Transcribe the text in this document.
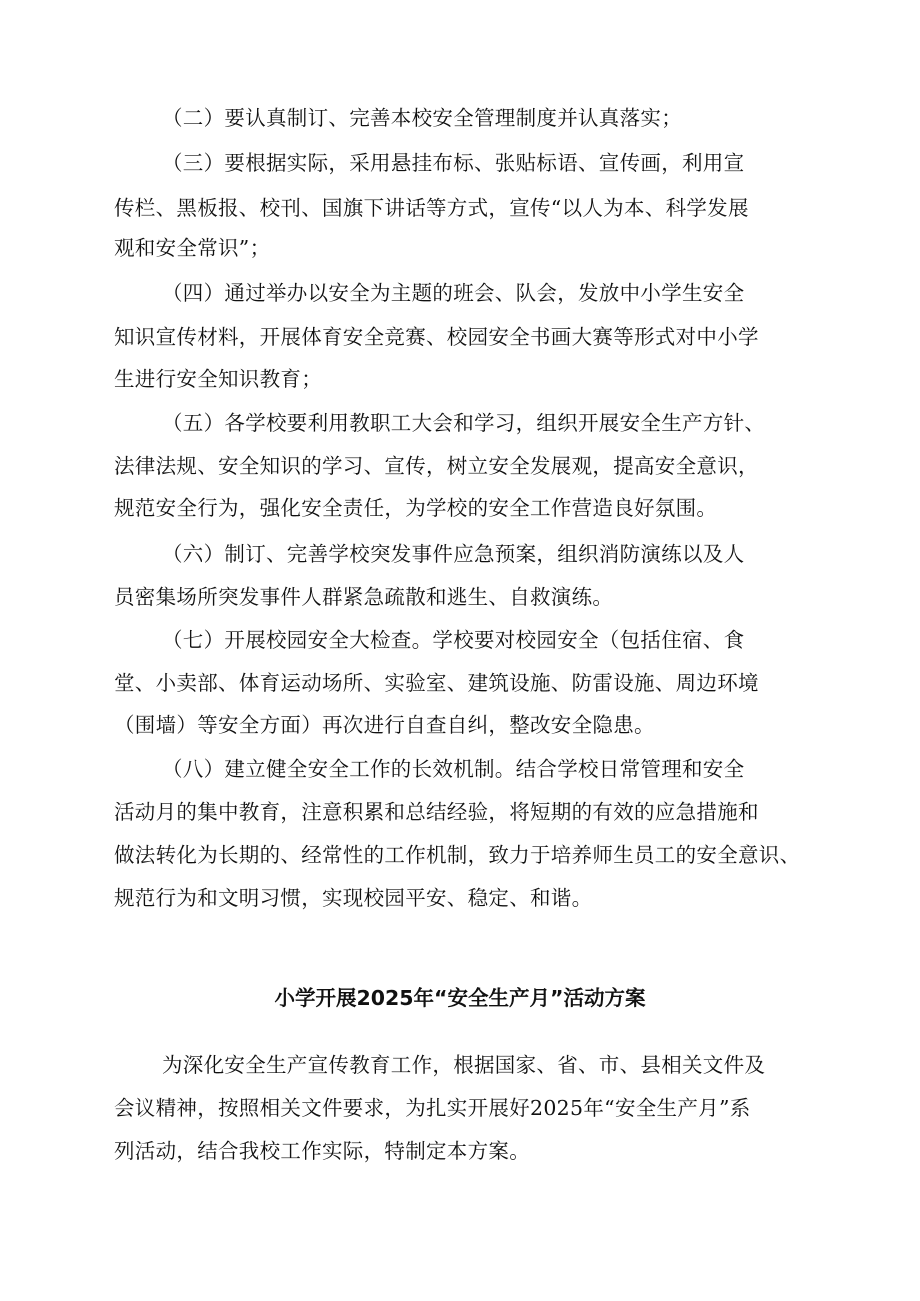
（二）要认真制订、完善本校安全管理制度并认真落实；
（三）要根据实际，采用悬挂布标、张贴标语、宣传画，利用宣
传栏、黑板报、校刊、国旗下讲话等方式，宣传“以人为本、科学发展
观和安全常识”；
（四）通过举办以安全为主题的班会、队会，发放中小学生安全
知识宣传材料，开展体育安全竞赛、校园安全书画大赛等形式对中小学
生进行安全知识教育；
（五）各学校要利用教职工大会和学习，组织开展安全生产方针、
法律法规、安全知识的学习、宣传，树立安全发展观，提高安全意识，
规范安全行为，强化安全责任，为学校的安全工作营造良好氛围。
（六）制订、完善学校突发事件应急预案，组织消防演练以及人
员密集场所突发事件人群紧急疏散和逃生、自救演练。
（七）开展校园安全大检查。学校要对校园安全（包括住宿、食
堂、小卖部、体育运动场所、实验室、建筑设施、防雷设施、周边环境
（围墙）等安全方面）再次进行自查自纠，整改安全隐患。
（八）建立健全安全工作的长效机制。结合学校日常管理和安全
活动月的集中教育，注意积累和总结经验，将短期的有效的应急措施和
做法转化为长期的、经常性的工作机制，致力于培养师生员工的安全意识、
规范行为和文明习惯，实现校园平安、稳定、和谐。
小学开展2025年“安全生产月”活动方案
为深化安全生产宣传教育工作，根据国家、省、市、县相关文件及
会议精神，按照相关文件要求，为扎实开展好2025年“安全生产月”系
列活动，结合我校工作实际，特制定本方案。
